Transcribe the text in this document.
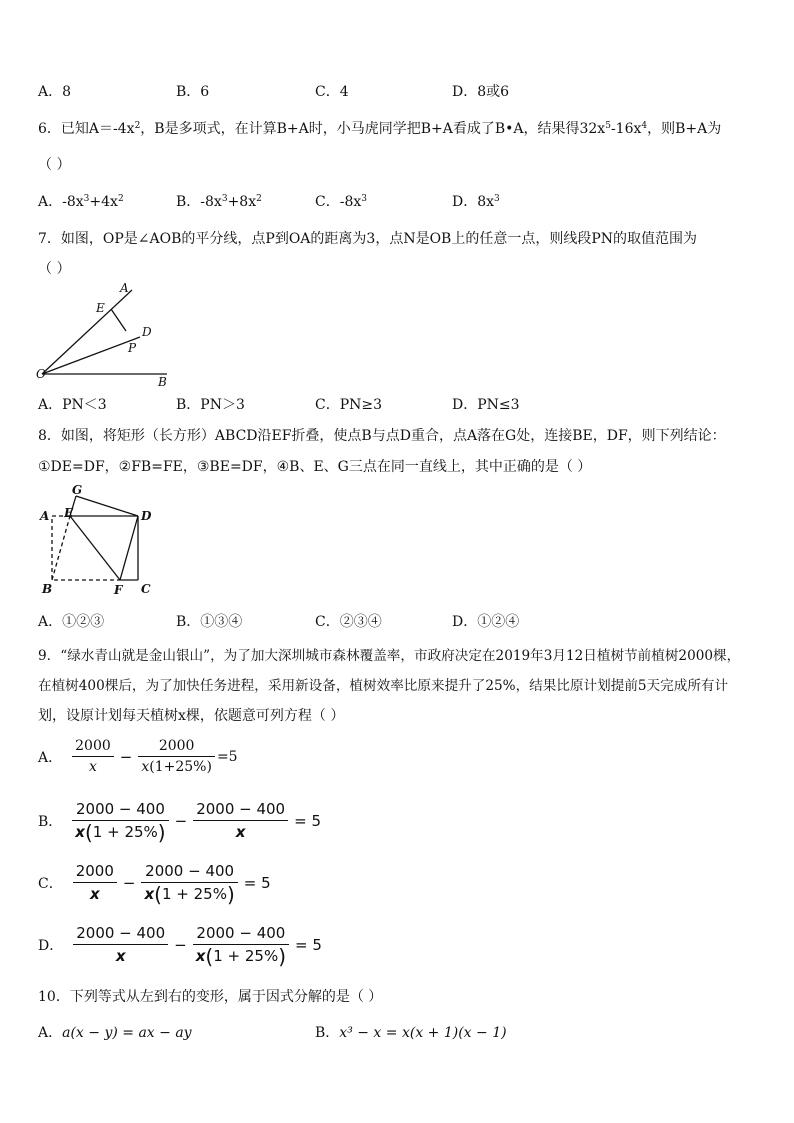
A．8	B．6	C．4	D．8或6
6．已知$A=-4x^2$，B是多项式，在计算B+A时，小马虎同学把B+A看成了B•A，结果得$32x^5-16x^4$，则B+A为
（ ）
A．$-8x^3+4x^2$	B．$-8x^3+8x^2$	C．$-8x^3$	D．$8x^3$
7．如图，OP是∠AOB的平分线，点P到OA的距离为3，点N是OB上的任意一点，则线段PN的取值范围为
（ ）
A
E
D
P
O
B
A．PN＜3	B．PN＞3	C．PN≥3	D．PN≤3
8．如图，将矩形（长方形）ABCD沿EF折叠，使点B与点D重合，点A落在G处，连接BE，DF，则下列结论：
①DE=DF，②FB=FE，③BE=DF，④B、E、G三点在同一直线上，其中正确的是（ ）
G
A E	D
B	F C
A．①②③	B．①③④	C．②③④	D．①②④
9．“绿水青山就是金山银山”，为了加大深圳城市森林覆盖率，市政府决定在2019年3月12日植树节前植树2000棵，
在植树400棵后，为了加快任务进程，采用新设备，植树效率比原来提升了25%，结果比原计划提前5天完成所有计
划，设原计划每天植树x棵，依题意可列方程（ ）
A． $\frac{2000}{x} - \frac{2000}{x(1+25\%)} =5$
B． $\frac{2000 - 400}{x(1 + 25\%)} - \frac{2000 - 400}{x} = 5$
C． $\frac{2000}{x} - \frac{2000 - 400}{x(1 + 25\%)} = 5$
D． $\frac{2000 - 400}{x} - \frac{2000 - 400}{x(1 + 25\%)} = 5$
10．下列等式从左到右的变形，属于因式分解的是（ ）
A．a(x − y) = ax − ay	B．x³ − x = x(x + 1)(x − 1)
